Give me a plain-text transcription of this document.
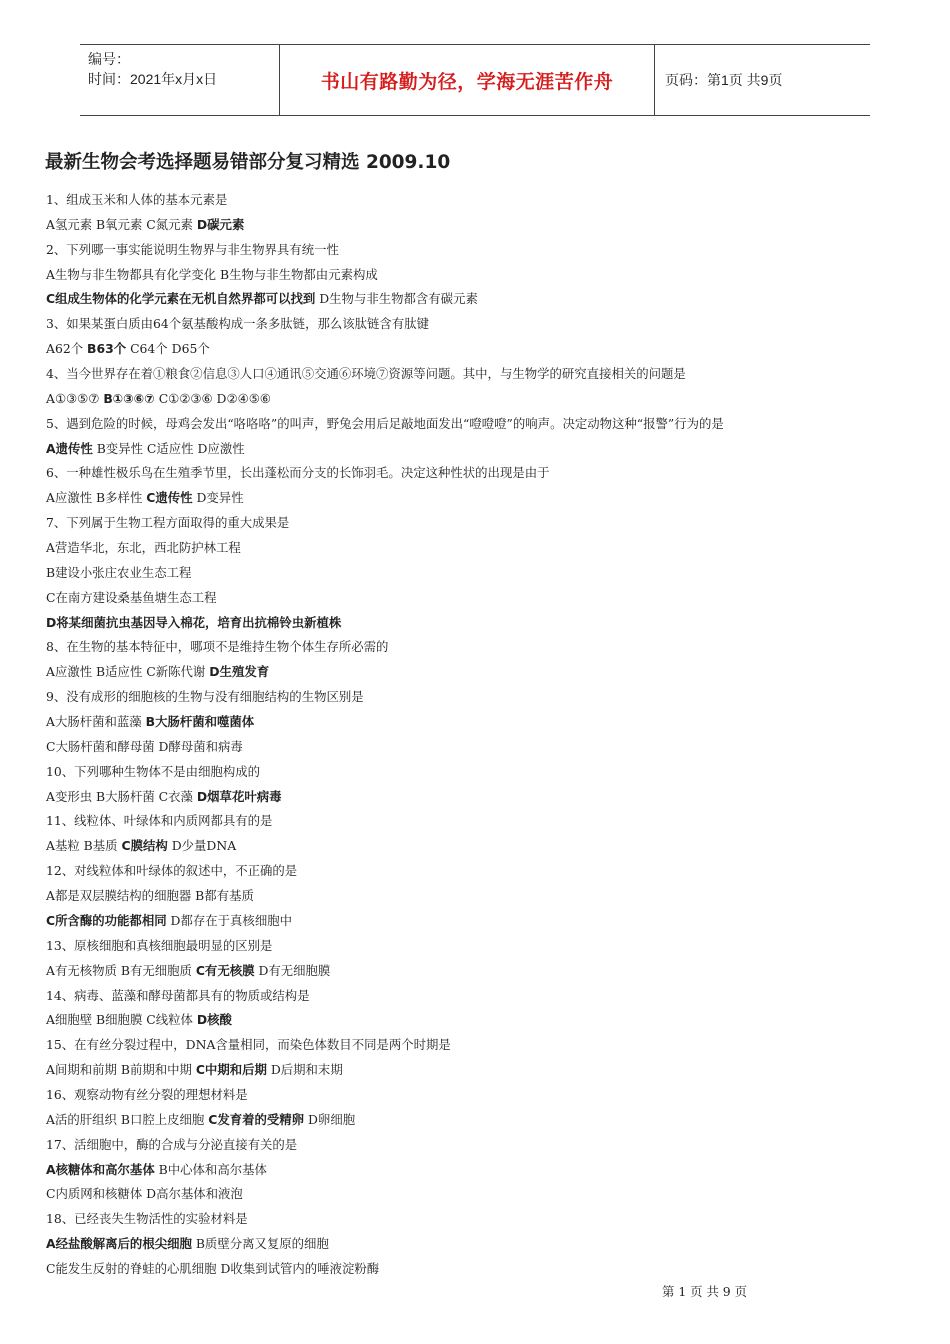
编号：
时间：2021年x月x日	书山有路勤为径，学海无涯苦作舟	页码：第1页 共9页
最新生物会考选择题易错部分复习精选 2009.10
1、组成玉米和人体的基本元素是
A氢元素 B氧元素 C氮元素 D碳元素
2、下列哪一事实能说明生物界与非生物界具有统一性
A生物与非生物都具有化学变化 B生物与非生物都由元素构成
C组成生物体的化学元素在无机自然界都可以找到 D生物与非生物都含有碳元素
3、如果某蛋白质由64个氨基酸构成一条多肽链，那么该肽链含有肽键
A62个 B63个 C64个 D65个
4、当今世界存在着①粮食②信息③人口④通讯⑤交通⑥环境⑦资源等问题。其中，与生物学的研究直接相关的问题是
A①③⑤⑦ B①③⑥⑦ C①②③⑥ D②④⑤⑥
5、遇到危险的时候，母鸡会发出“咯咯咯”的叫声，野兔会用后足敲地面发出“噔噔噔”的响声。决定动物这种“报警”行为的是
A遗传性 B变异性 C适应性 D应激性
6、一种雄性极乐鸟在生殖季节里，长出蓬松而分支的长饰羽毛。决定这种性状的出现是由于
A应激性 B多样性 C遗传性 D变异性
7、下列属于生物工程方面取得的重大成果是
A营造华北，东北，西北防护林工程
B建设小张庄农业生态工程
C在南方建设桑基鱼塘生态工程
D将某细菌抗虫基因导入棉花，培育出抗棉铃虫新植株
8、在生物的基本特征中，哪项不是维持生物个体生存所必需的
A应激性 B适应性 C新陈代谢 D生殖发育
9、没有成形的细胞核的生物与没有细胞结构的生物区别是
A大肠杆菌和蓝藻 B大肠杆菌和噬菌体
C大肠杆菌和酵母菌 D酵母菌和病毒
10、下列哪种生物体不是由细胞构成的
A变形虫 B大肠杆菌 C衣藻 D烟草花叶病毒
11、线粒体、叶绿体和内质网都具有的是
A基粒 B基质 C膜结构 D少量DNA
12、对线粒体和叶绿体的叙述中，不正确的是
A都是双层膜结构的细胞器 B都有基质
C所含酶的功能都相同 D都存在于真核细胞中
13、原核细胞和真核细胞最明显的区别是
A有无核物质 B有无细胞质 C有无核膜 D有无细胞膜
14、病毒、蓝藻和酵母菌都具有的物质或结构是
A细胞壁 B细胞膜 C线粒体 D核酸
15、在有丝分裂过程中，DNA含量相同，而染色体数目不同是两个时期是
A间期和前期 B前期和中期 C中期和后期 D后期和末期
16、观察动物有丝分裂的理想材料是
A活的肝组织 B口腔上皮细胞 C发育着的受精卵 D卵细胞
17、活细胞中，酶的合成与分泌直接有关的是
A核糖体和高尔基体 B中心体和高尔基体
C内质网和核糖体 D高尔基体和液泡
18、已经丧失生物活性的实验材料是
A经盐酸解离后的根尖细胞 B质壁分离又复原的细胞
C能发生反射的脊蛙的心肌细胞 D收集到试管内的唾液淀粉酶
第 1 页 共 9 页
